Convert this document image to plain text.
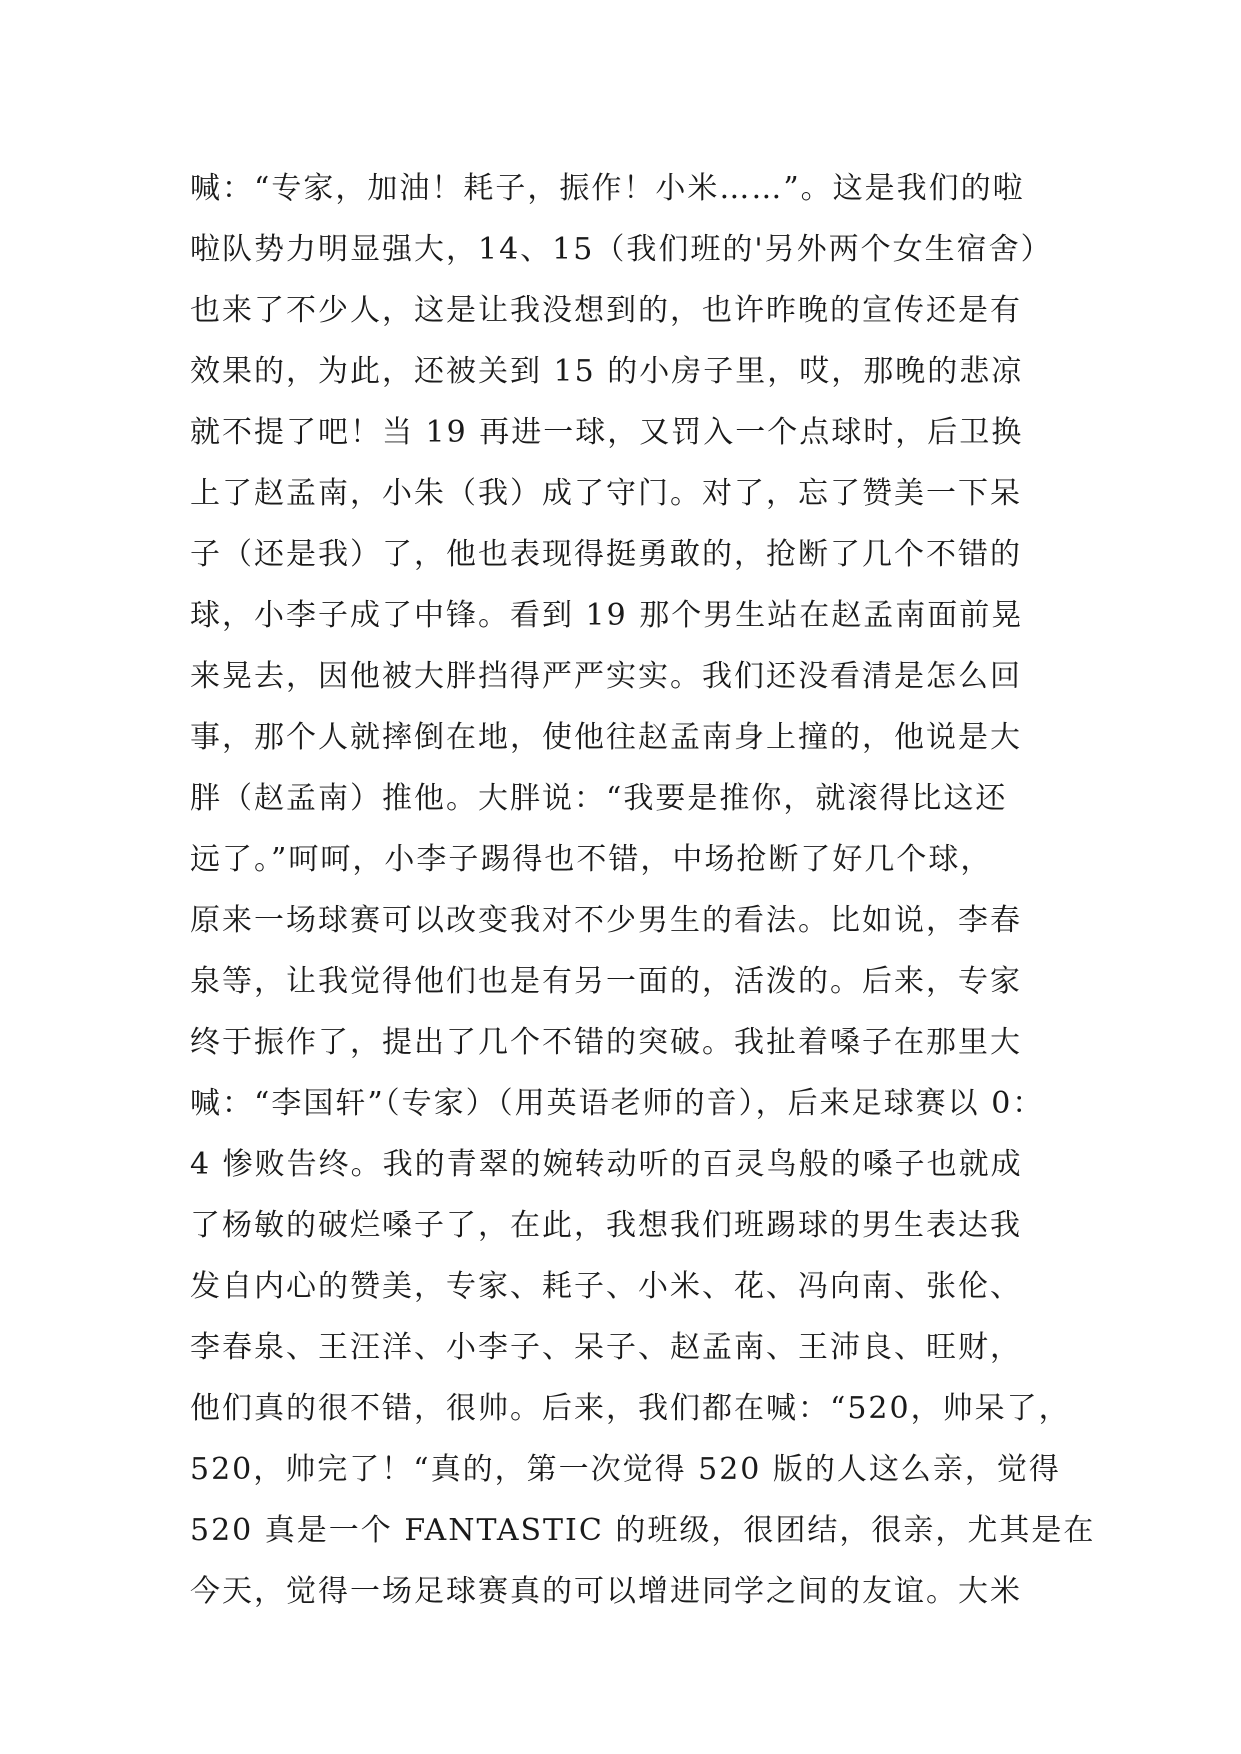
喊：“专家，加油！耗子，振作！小米……”。这是我们的啦
啦队势力明显强大，14、15（我们班的'另外两个女生宿舍）
也来了不少人，这是让我没想到的，也许昨晚的宣传还是有
效果的，为此，还被关到 15 的小房子里，哎，那晚的悲凉
就不提了吧！当 19 再进一球，又罚入一个点球时，后卫换
上了赵孟南，小朱（我）成了守门。对了，忘了赞美一下呆
子（还是我）了，他也表现得挺勇敢的，抢断了几个不错的
球，小李子成了中锋。看到 19 那个男生站在赵孟南面前晃
来晃去，因他被大胖挡得严严实实。我们还没看清是怎么回
事，那个人就摔倒在地，使他往赵孟南身上撞的，他说是大
胖（赵孟南）推他。大胖说：“我要是推你，就滚得比这还
远了。”呵呵，小李子踢得也不错，中场抢断了好几个球，
原来一场球赛可以改变我对不少男生的看法。比如说，李春
泉等，让我觉得他们也是有另一面的，活泼的。后来，专家
终于振作了，提出了几个不错的突破。我扯着嗓子在那里大
喊：“李国轩”（专家）（用英语老师的音），后来足球赛以 0：
4 惨败告终。我的青翠的婉转动听的百灵鸟般的嗓子也就成
了杨敏的破烂嗓子了，在此，我想我们班踢球的男生表达我
发自内心的赞美，专家、耗子、小米、花、冯向南、张伦、
李春泉、王汪洋、小李子、呆子、赵孟南、王沛良、旺财，
他们真的很不错，很帅。后来，我们都在喊：“520，帅呆了，
520，帅完了！“真的，第一次觉得 520 版的人这么亲，觉得
520 真是一个 FANTASTIC 的班级，很团结，很亲，尤其是在
今天，觉得一场足球赛真的可以增进同学之间的友谊。大米
